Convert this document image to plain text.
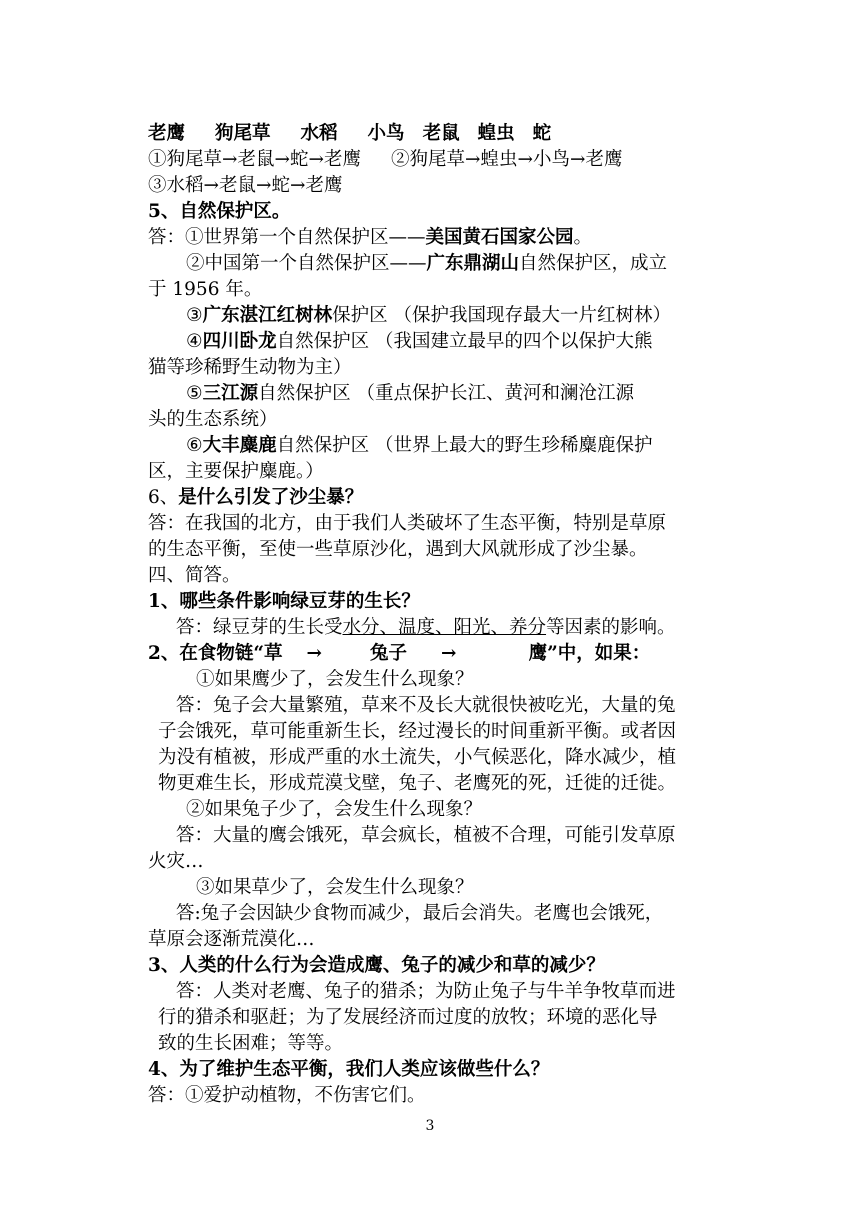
老鹰 狗尾草 水稻 小鸟 老鼠 蝗虫 蛇
①狗尾草→老鼠→蛇→老鹰 ②狗尾草→蝗虫→小鸟→老鹰
③水稻→老鼠→蛇→老鹰
5、自然保护区。
答：①世界第一个自然保护区——美国黄石国家公园。
②中国第一个自然保护区——广东鼎湖山自然保护区，成立
于 1956 年。
③广东湛江红树林保护区 （保护我国现存最大一片红树林）
④四川卧龙自然保护区 （我国建立最早的四个以保护大熊
猫等珍稀野生动物为主）
⑤三江源自然保护区 （重点保护长江、黄河和澜沧江源
头的生态系统）
⑥大丰麋鹿自然保护区 （世界上最大的野生珍稀麋鹿保护
区，主要保护麋鹿。）
6、是什么引发了沙尘暴？
答：在我国的北方，由于我们人类破坏了生态平衡，特别是草原
的生态平衡，至使一些草原沙化，遇到大风就形成了沙尘暴。
四、简答。
1、哪些条件影响绿豆芽的生长？
答：绿豆芽的生长受水分、温度、阳光、养分等因素的影响。
2、在食物链“草 →	兔子 →	鹰”中，如果：
①如果鹰少了，会发生什么现象？
答：兔子会大量繁殖，草来不及长大就很快被吃光，大量的兔
子会饿死，草可能重新生长，经过漫长的时间重新平衡。或者因
为没有植被，形成严重的水土流失，小气候恶化，降水减少，植
物更难生长，形成荒漠戈壁，兔子、老鹰死的死，迁徙的迁徙。
②如果兔子少了，会发生什么现象？
答：大量的鹰会饿死，草会疯长，植被不合理，可能引发草原
火灾…
③如果草少了，会发生什么现象？
答:兔子会因缺少食物而减少，最后会消失。老鹰也会饿死，
草原会逐渐荒漠化…
3、人类的什么行为会造成鹰、兔子的减少和草的减少？
答：人类对老鹰、兔子的猎杀；为防止兔子与牛羊争牧草而进
行的猎杀和驱赶；为了发展经济而过度的放牧；环境的恶化导
致的生长困难；等等。
4、为了维护生态平衡，我们人类应该做些什么？
答：①爱护动植物，不伤害它们。
3
